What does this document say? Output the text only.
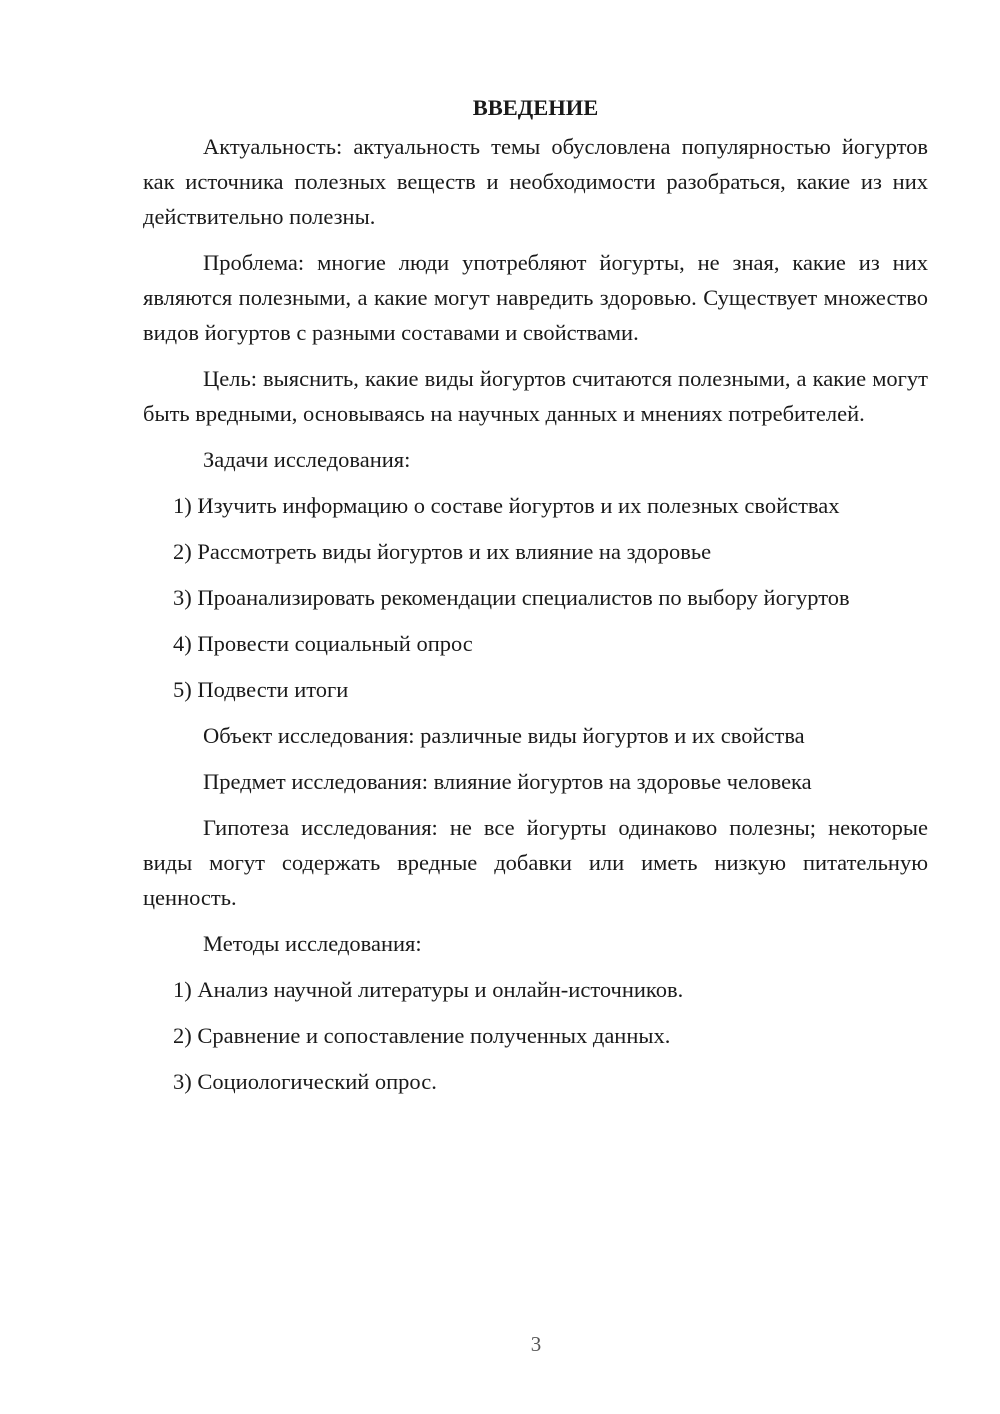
ВВЕДЕНИЕ

Актуальность: актуальность темы обусловлена популярностью йогуртов как источника полезных веществ и необходимости разобраться, какие из них действительно полезны.

Проблема: многие люди употребляют йогурты, не зная, какие из них являются полезными, а какие могут навредить здоровью. Существует множество видов йогуртов с разными составами и свойствами.

Цель: выяснить, какие виды йогуртов считаются полезными, а какие могут быть вредными, основываясь на научных данных и мнениях потребителей.

Задачи исследования:

1) Изучить информацию о составе йогуртов и их полезных свойствах

2) Рассмотреть виды йогуртов и их влияние на здоровье

3) Проанализировать рекомендации специалистов по выбору йогуртов

4) Провести социальный опрос

5) Подвести итоги

Объект исследования: различные виды йогуртов и их свойства

Предмет исследования: влияние йогуртов на здоровье человека

Гипотеза исследования: не все йогурты одинаково полезны; некоторые виды могут содержать вредные добавки или иметь низкую питательную ценность.

Методы исследования:

1) Анализ научной литературы и онлайн-источников.

2) Сравнение и сопоставление полученных данных.

3) Социологический опрос.

3
